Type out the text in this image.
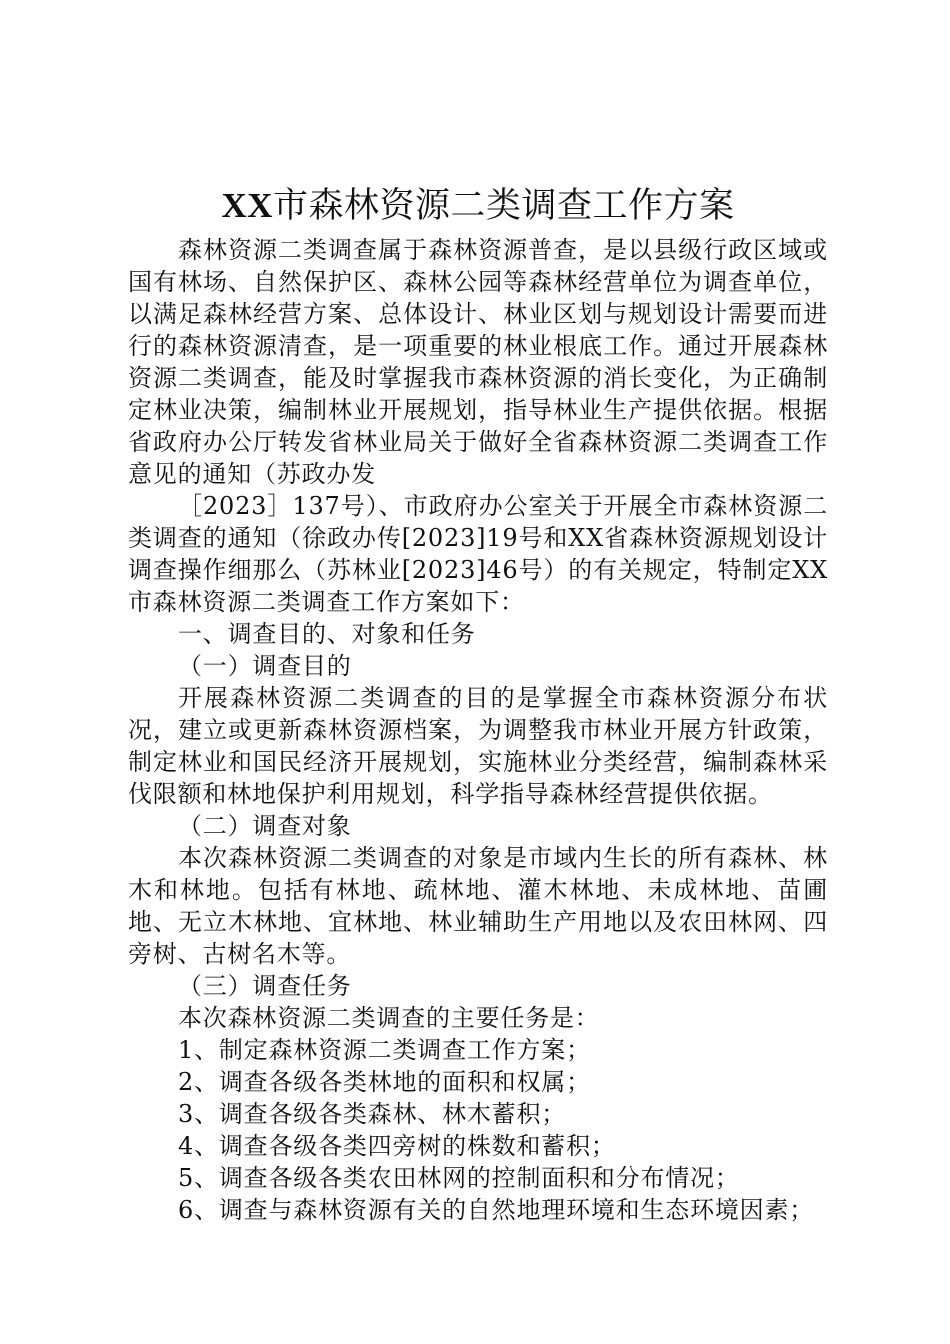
XX市森林资源二类调查工作方案

森林资源二类调查属于森林资源普查，是以县级行政区域或国有林场、自然保护区、森林公园等森林经营单位为调查单位，以满足森林经营方案、总体设计、林业区划与规划设计需要而进行的森林资源清查，是一项重要的林业根底工作。通过开展森林资源二类调查，能及时掌握我市森林资源的消长变化，为正确制定林业决策，编制林业开展规划，指导林业生产提供依据。根据省政府办公厅转发省林业局关于做好全省森林资源二类调查工作意见的通知（苏政办发

［2023］137号）、市政府办公室关于开展全市森林资源二类调查的通知（徐政办传[2023]19号和XX省森林资源规划设计调查操作细那么（苏林业[2023]46号）的有关规定，特制定XX市森林资源二类调查工作方案如下：

一、调查目的、对象和任务

（一）调查目的

开展森林资源二类调查的目的是掌握全市森林资源分布状况，建立或更新森林资源档案，为调整我市林业开展方针政策，制定林业和国民经济开展规划，实施林业分类经营，编制森林采伐限额和林地保护利用规划，科学指导森林经营提供依据。

（二）调查对象

本次森林资源二类调查的对象是市域内生长的所有森林、林木和林地。包括有林地、疏林地、灌木林地、未成林地、苗圃地、无立木林地、宜林地、林业辅助生产用地以及农田林网、四旁树、古树名木等。

（三）调查任务

本次森林资源二类调查的主要任务是：

1、制定森林资源二类调查工作方案；

2、调查各级各类林地的面积和权属；

3、调查各级各类森林、林木蓄积；

4、调查各级各类四旁树的株数和蓄积；

5、调查各级各类农田林网的控制面积和分布情况；

6、调查与森林资源有关的自然地理环境和生态环境因素；
